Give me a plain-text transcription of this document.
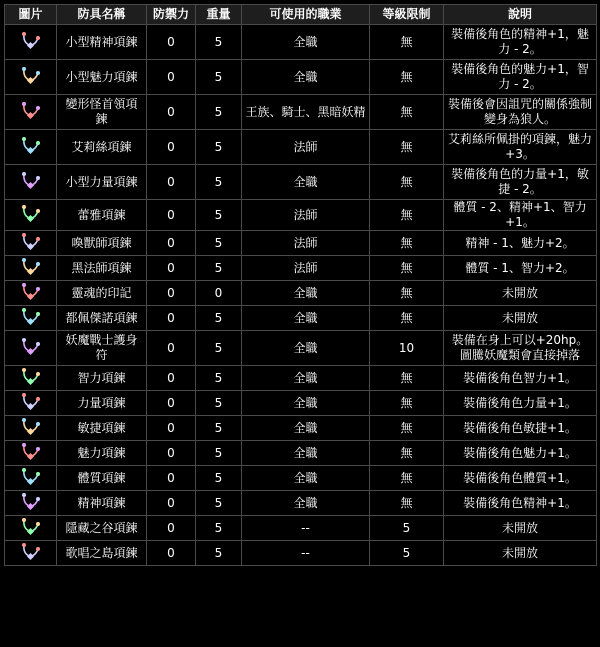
圖片	防具名稱	防禦力	重量	可使用的職業	等級限制	說明

	小型精神項鍊	0	5	全職	無	裝備後角色的精神+1，魅力 - 2。

	小型魅力項鍊	0	5	全職	無	裝備後角色的魅力+1，智力 - 2。

	變形怪首領項鍊	0	5	王族、騎士、黑暗妖精	無	裝備後會因詛咒的關係強制變身為狼人。

	艾莉絲項鍊	0	5	法師	無	艾莉絲所佩掛的項鍊，魅力+3。

	小型力量項鍊	0	5	全職	無	裝備後角色的力量+1，敏捷 - 2。

	蕾雅項鍊	0	5	法師	無	體質 - 2、精神+1、智力+1。

	喚獸師項鍊	0	5	法師	無	精神 - 1、魅力+2。

	黑法師項鍊	0	5	法師	無	體質 - 1、智力+2。

	靈魂的印記	0	0	全職	無	未開放

	都佩傑諾項鍊	0	5	全職	無	未開放

	妖魔戰士護身符	0	5	全職	10	裝備在身上可以+20hp。圖騰妖魔類會直接掉落

	智力項鍊	0	5	全職	無	裝備後角色智力+1。

	力量項鍊	0	5	全職	無	裝備後角色力量+1。

	敏捷項鍊	0	5	全職	無	裝備後角色敏捷+1。

	魅力項鍊	0	5	全職	無	裝備後角色魅力+1。

	體質項鍊	0	5	全職	無	裝備後角色體質+1。

	精神項鍊	0	5	全職	無	裝備後角色精神+1。

	隱藏之谷項鍊	0	5	--	5	未開放

	歌唱之島項鍊	0	5	--	5	未開放
